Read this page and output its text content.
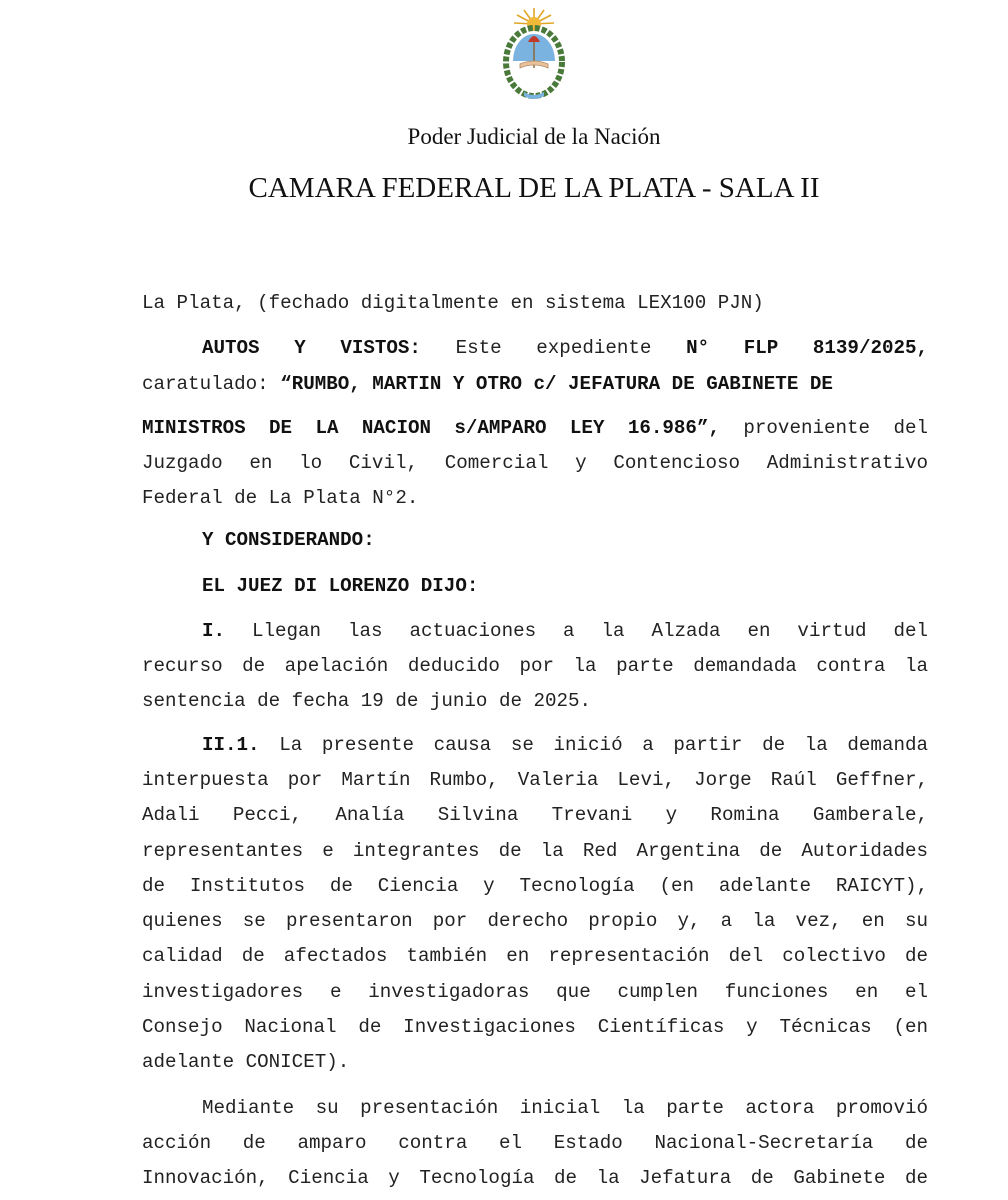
Poder Judicial de la Nación
CAMARA FEDERAL DE LA PLATA - SALA II
La Plata, (fechado digitalmente en sistema LEX100 PJN)
AUTOS Y VISTOS: Este expediente N° FLP 8139/2025,
caratulado: “RUMBO, MARTIN Y OTRO c/ JEFATURA DE GABINETE DE
MINISTROS DE LA NACION s/AMPARO LEY 16.986”, proveniente del
Juzgado en lo Civil, Comercial y Contencioso Administrativo
Federal de La Plata N°2.
Y CONSIDERANDO:
EL JUEZ DI LORENZO DIJO:
I. Llegan las actuaciones a la Alzada en virtud del
recurso de apelación deducido por la parte demandada contra la
sentencia de fecha 19 de junio de 2025.
II.1. La presente causa se inició a partir de la demanda
interpuesta por Martín Rumbo, Valeria Levi, Jorge Raúl Geffner,
Adali Pecci, Analía Silvina Trevani y Romina Gamberale,
representantes e integrantes de la Red Argentina de Autoridades
de Institutos de Ciencia y Tecnología (en adelante RAICYT),
quienes se presentaron por derecho propio y, a la vez, en su
calidad de afectados también en representación del colectivo de
investigadores e investigadoras que cumplen funciones en el
Consejo Nacional de Investigaciones Científicas y Técnicas (en
adelante CONICET).
Mediante su presentación inicial la parte actora promovió
acción de amparo contra el Estado Nacional-Secretaría de
Innovación, Ciencia y Tecnología de la Jefatura de Gabinete de
